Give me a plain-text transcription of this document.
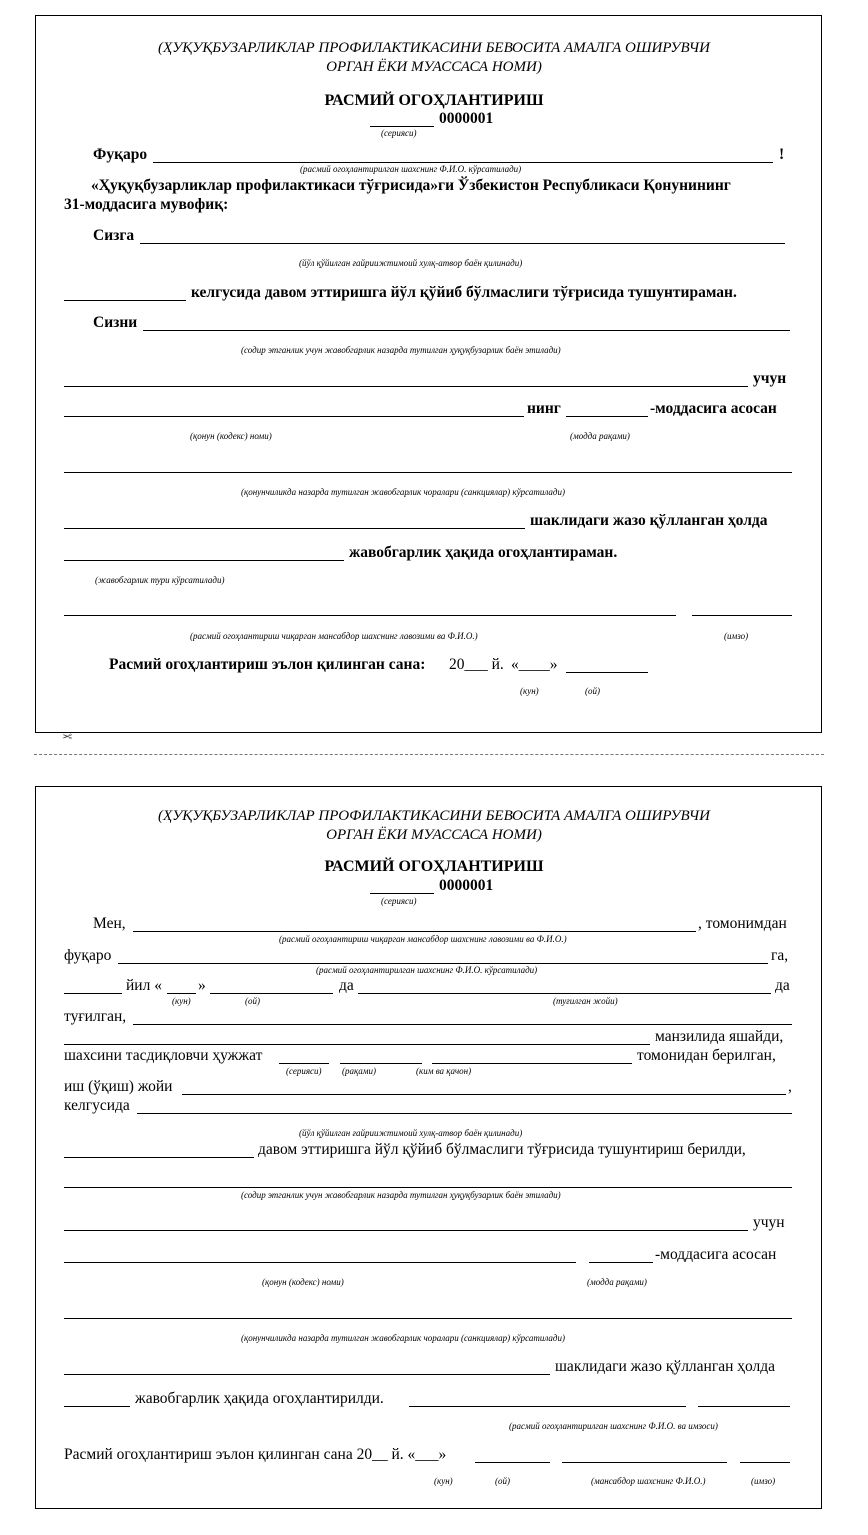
(ҲУҚУҚБУЗАРЛИКЛАР ПРОФИЛАКТИКАСИНИ БЕВОСИТА АМАЛГА ОШИРУВЧИ
ОРГАН ЁКИ МУАССАСА НОМИ)
РАСМИЙ ОГОҲЛАНТИРИШ
0000001
(серияси)
Фуқаро	!
(расмий огоҳлантирилган шахснинг Ф.И.О. кўрсатилади)
«Ҳуқуқбузарликлар профилактикаси тўғрисида»ги Ўзбекистон Республикаси Қонунининг
31-моддасига мувофиқ:
Сизга
(йўл қўйилган ғайриижтимоий хулқ-атвор баён қилинади)
келгусида давом эттиришга йўл қўйиб бўлмаслиги тўғрисида тушунтираман.
Сизни
(содир этганлик учун жавобгарлик назарда тутилган ҳуқуқбузарлик баён этилади)
учун
нинг	-моддасига асосан
(қонун (кодекс) номи)	(модда рақами)
(қонунчиликда назарда тутилган жавобгарлик чоралари (санкциялар) кўрсатилади)
шаклидаги жазо қўлланган ҳолда
жавобгарлик ҳақида огоҳлантираман.
(жавобгарлик тури кўрсатилади)
(расмий огоҳлантириш чиқарган мансабдор шахснинг лавозими ва Ф.И.О.)	(имзо)
Расмий огоҳлантириш эълон қилинган сана: 20___ й. «____»
(кун)	(ой)
✂
(ҲУҚУҚБУЗАРЛИКЛАР ПРОФИЛАКТИКАСИНИ БЕВОСИТА АМАЛГА ОШИРУВЧИ
ОРГАН ЁКИ МУАССАСА НОМИ)
РАСМИЙ ОГОҲЛАНТИРИШ
0000001
(серияси)
Мен,	, томонимдан
(расмий огоҳлантириш чиқарган мансабдор шахснинг лавозими ва Ф.И.О.)
фуқаро	га,
(расмий огоҳлантирилган шахснинг Ф.И.О. кўрсатилади)
йил « »	да	да
(кун)	(ой)	(туғилган жойи)
туғилган,
манзилида яшайди,
шахсини тасдиқловчи ҳужжат	томонидан берилган,
(серияси) (рақами)	(ким ва қачон)
иш (ўқиш) жойи	,
келгусида
(йўл қўйилган ғайриижтимоий хулқ-атвор баён қилинади)
давом эттиришга йўл қўйиб бўлмаслиги тўғрисида тушунтириш берилди,
(содир этганлик учун жавобгарлик назарда тутилган ҳуқуқбузарлик баён этилади)
учун
-моддасига асосан
(қонун (кодекс) номи)	(модда рақами)
(қонунчиликда назарда тутилган жавобгарлик чоралари (санкциялар) кўрсатилади)
шаклидаги жазо қўлланган ҳолда
жавобгарлик ҳақида огоҳлантирилди.
(расмий огоҳлантирилган шахснинг Ф.И.О. ва имзоси)
Расмий огоҳлантириш эълон қилинган сана 20__ й. «___»
(кун)	(ой)	(мансабдор шахснинг Ф.И.О.)	(имзо)
